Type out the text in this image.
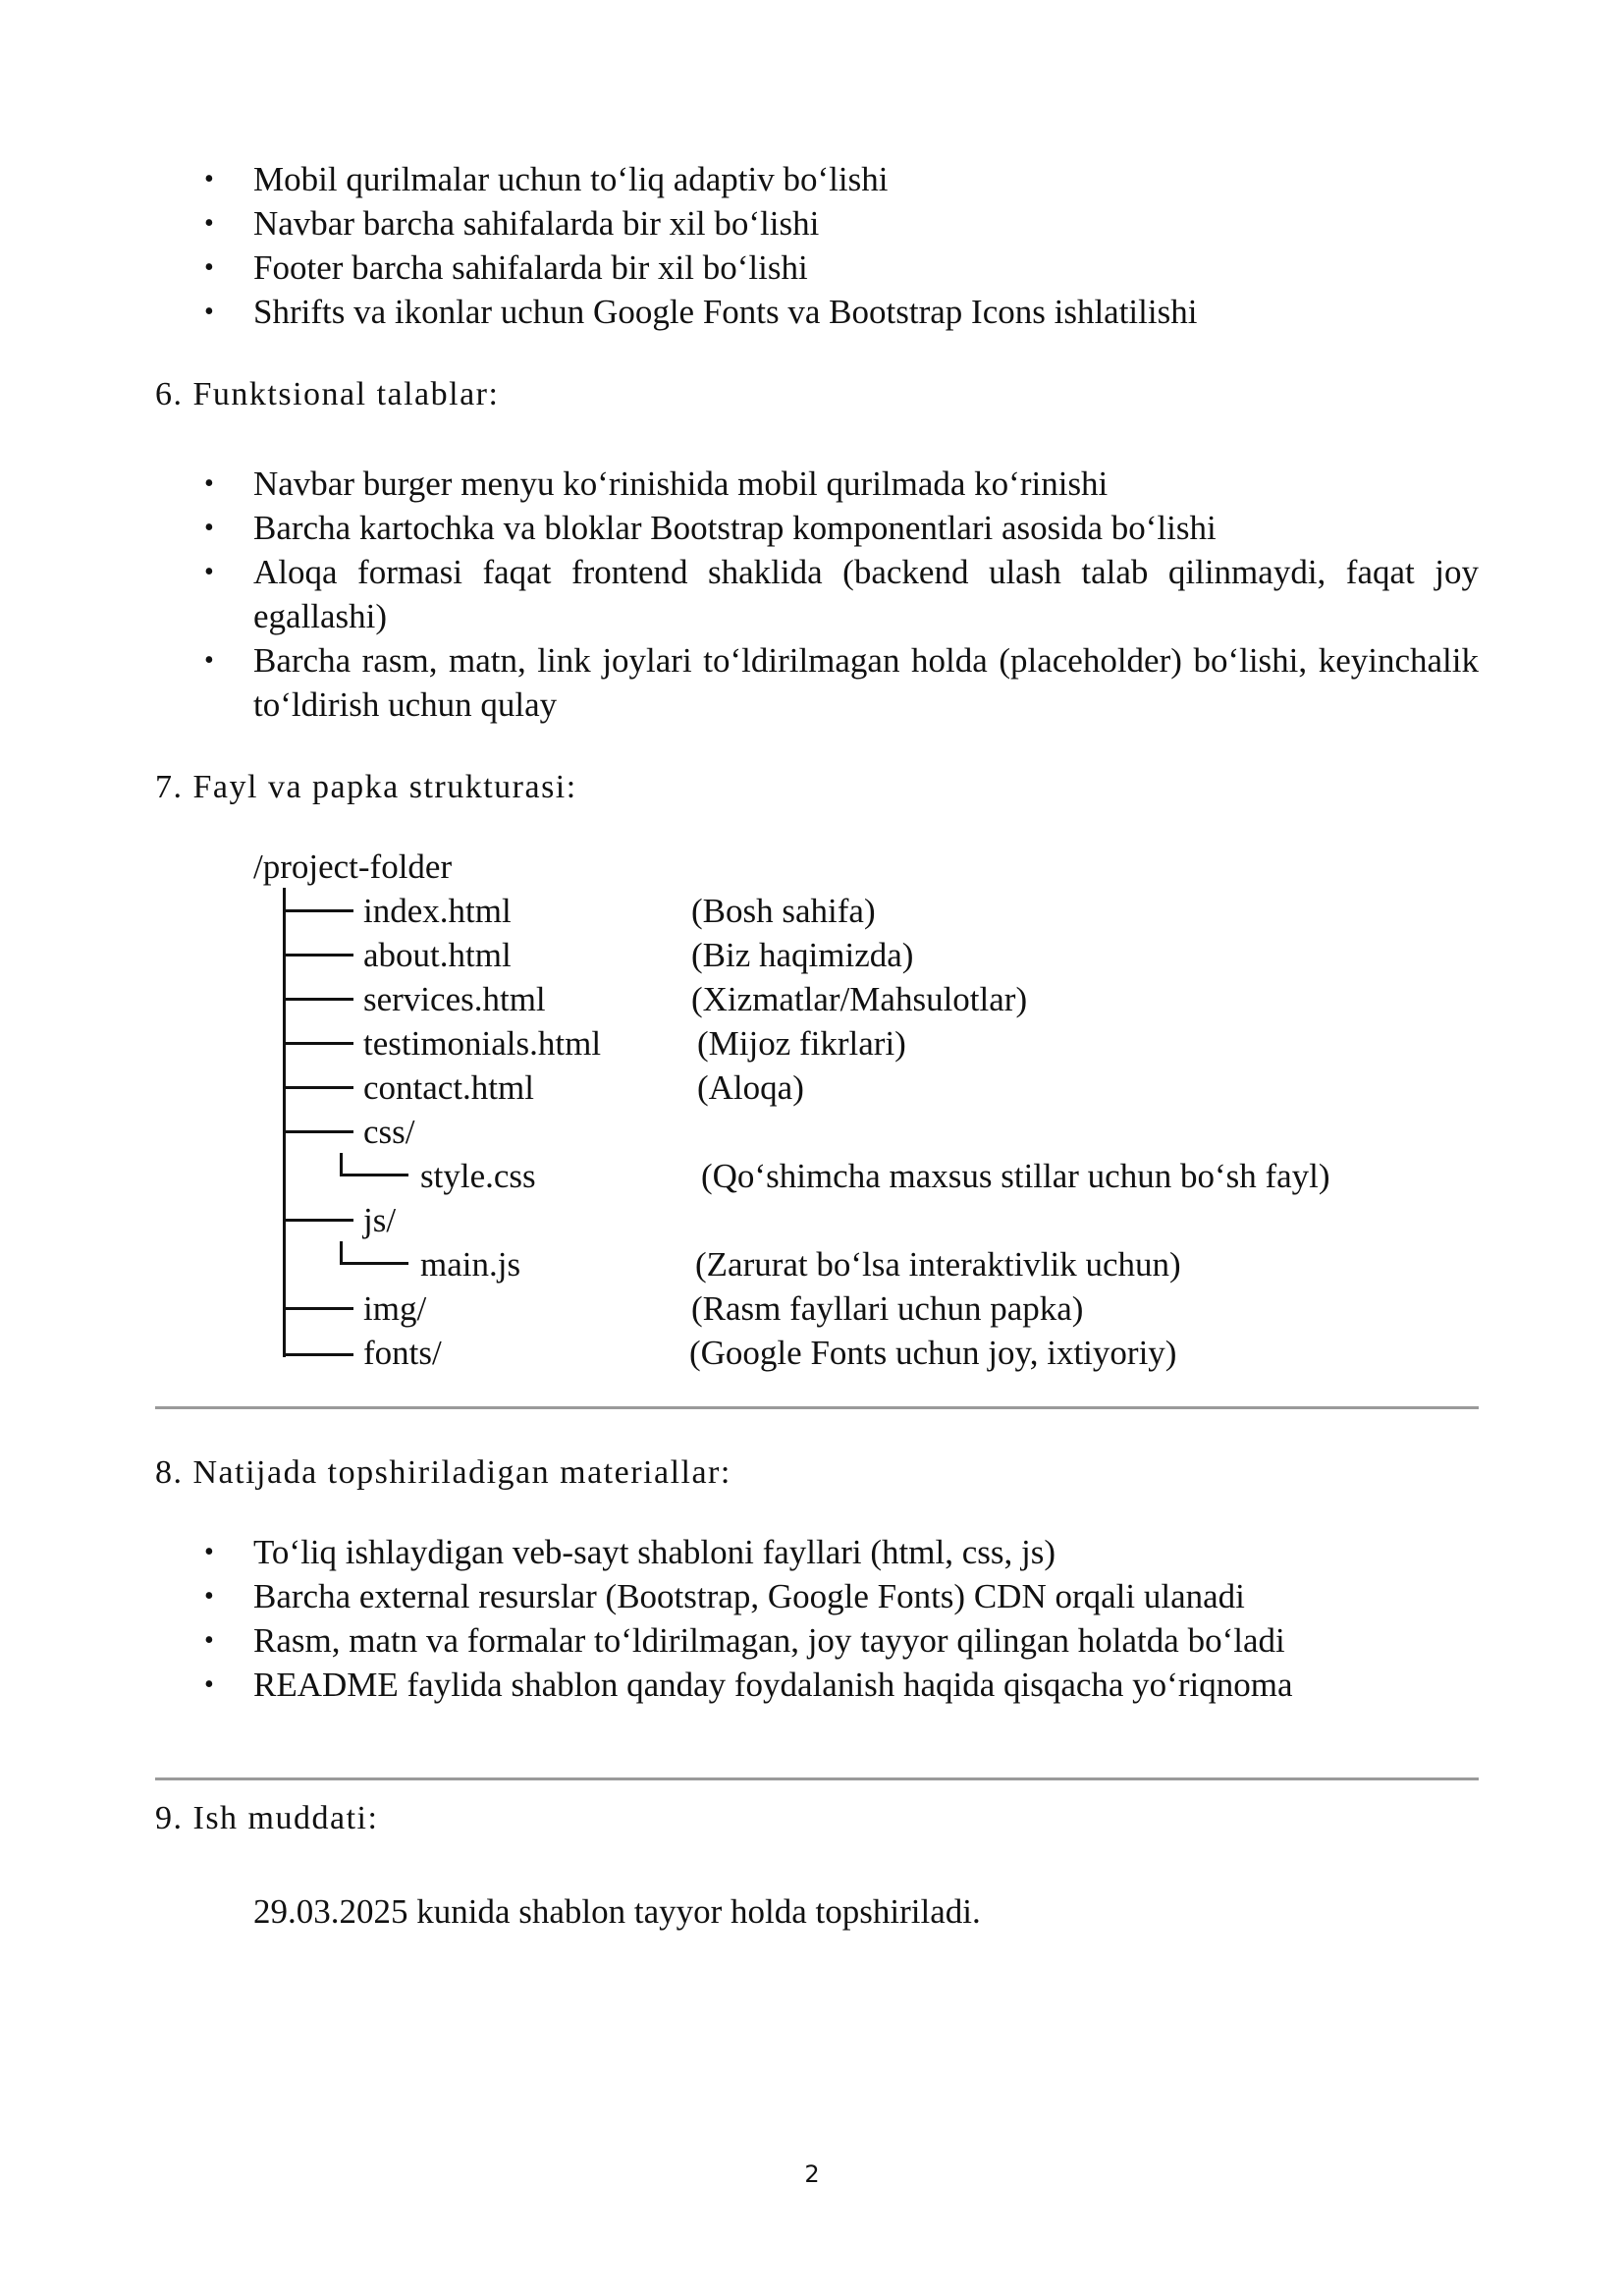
• Mobil qurilmalar uchun to‘liq adaptiv bo‘lishi
• Navbar barcha sahifalarda bir xil bo‘lishi
• Footer barcha sahifalarda bir xil bo‘lishi
• Shrifts va ikonlar uchun Google Fonts va Bootstrap Icons ishlatilishi
6. Funktsional talablar:
• Navbar burger menyu ko‘rinishida mobil qurilmada ko‘rinishi
• Barcha kartochka va bloklar Bootstrap komponentlari asosida bo‘lishi
• Aloqa formasi faqat frontend shaklida (backend ulash talab qilinmaydi, faqat joy egallashi)
• Barcha rasm, matn, link joylari to‘ldirilmagan holda (placeholder) bo‘lishi, keyinchalik to‘ldirish uchun qulay
7. Fayl va papka strukturasi:
/project-folder
index.html
about.html
services.html
testimonials.html
contact.html
css/
style.css
js/
main.js
img/
fonts/
(Bosh sahifa)
(Biz haqimizda)
(Xizmatlar/Mahsulotlar)
(Mijoz fikrlari)
(Aloqa)
(Qo‘shimcha maxsus stillar uchun bo‘sh fayl)
(Zarurat bo‘lsa interaktivlik uchun)
(Rasm fayllari uchun papka)
(Google Fonts uchun joy, ixtiyoriy)
8. Natijada topshiriladigan materiallar:
• To‘liq ishlaydigan veb-sayt shabloni fayllari (html, css, js)
• Barcha external resurslar (Bootstrap, Google Fonts) CDN orqali ulanadi
• Rasm, matn va formalar to‘ldirilmagan, joy tayyor qilingan holatda bo‘ladi
• README faylida shablon qanday foydalanish haqida qisqacha yo‘riqnoma
9. Ish muddati:
29.03.2025 kunida shablon tayyor holda topshiriladi.
2
